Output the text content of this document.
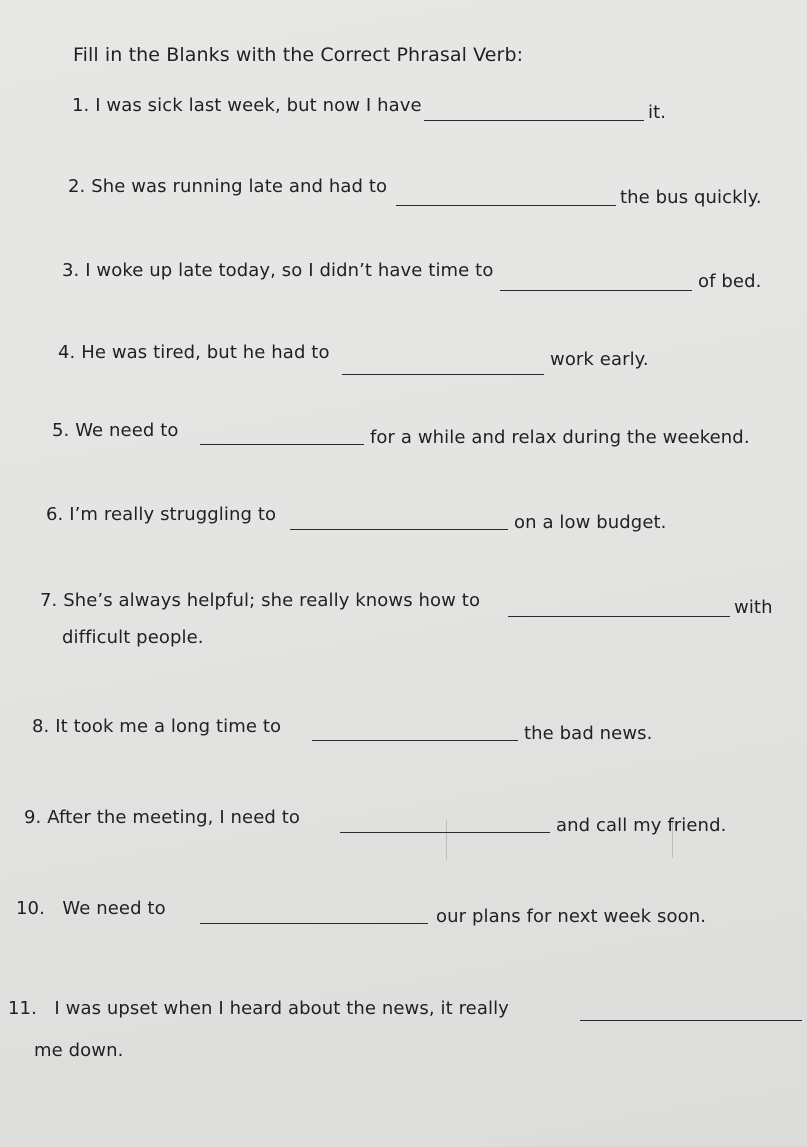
Fill in the Blanks with the Correct Phrasal Verb:
1. I was sick last week, but now I have	it.
2. She was running late and had to
the bus quickly.
3. I woke up late today, so I didn’t have time to
of bed.
4. He was tired, but he had to	work early.
5. We need to	for a while and relax during the weekend.
6. I’m really struggling to	on a low budget.
7. She’s always helpful; she really knows how to	with
difficult people.
8. It took me a long time to	the bad news.
9. After the meeting, I need to	and call my friend.
10.   We need to	our plans for next week soon.
11.   I was upset when I heard about the news, it really
me down.
